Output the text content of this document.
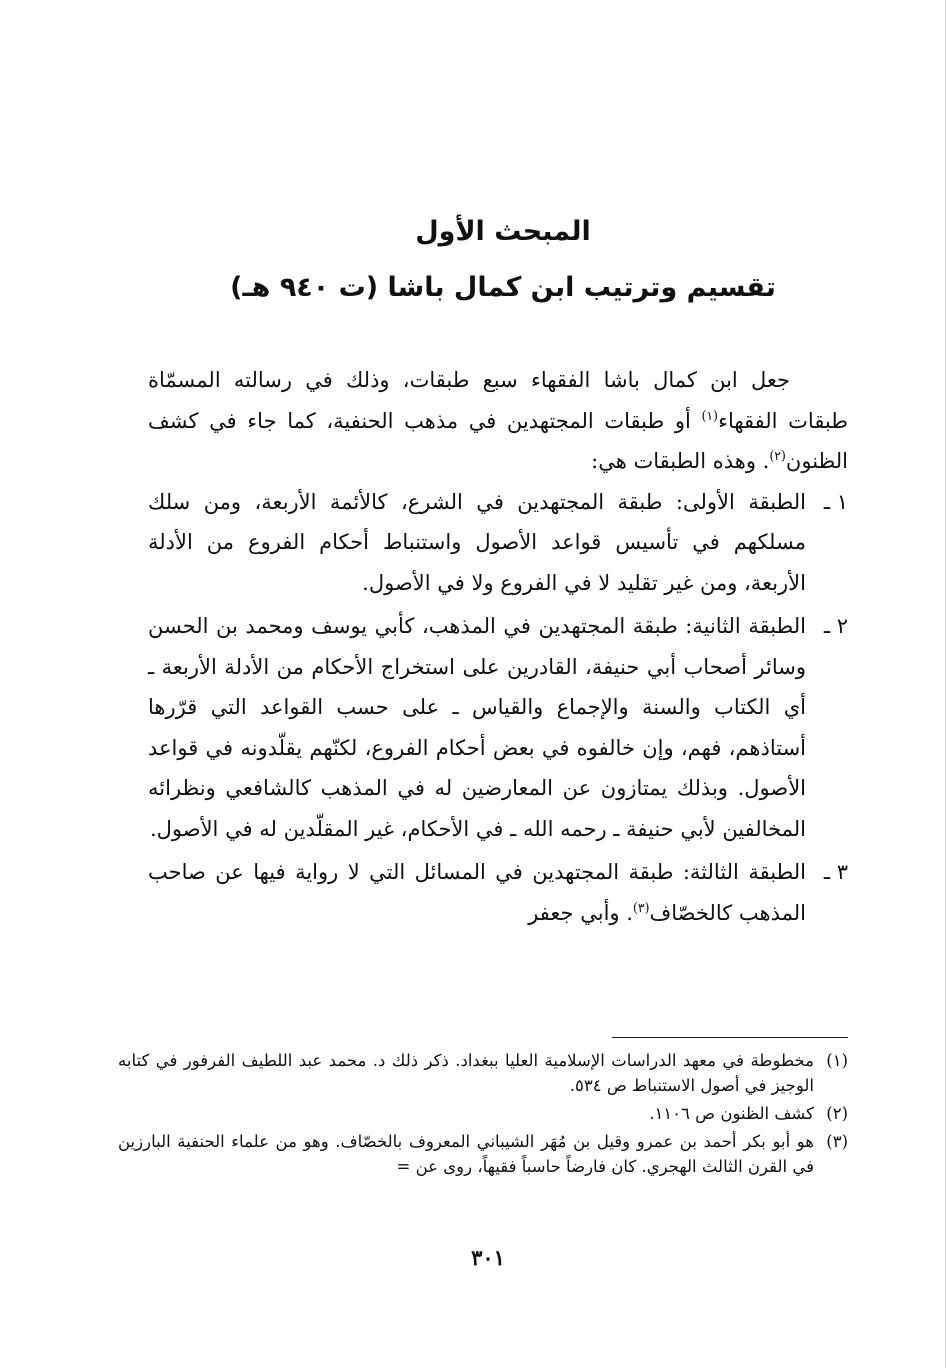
المبحث الأول
تقسيم وترتيب ابن كمال باشا (ت ٩٤٠ هـ)

جعل ابن كمال باشا الفقهاء سبع طبقات، وذلك في رسالته المسمّاة طبقات الفقهاء$^{(١)}$ أو طبقات المجتهدين في مذهب الحنفية، كما جاء في كشف الظنون$^{(٢)}$. وهذه الطبقات هي:

١ ـ
الطبقة الأولى: طبقة المجتهدين في الشرع، كالأئمة الأربعة، ومن سلك مسلكهم في تأسيس قواعد الأصول واستنباط أحكام الفروع من الأدلة الأربعة، ومن غير تقليد لا في الفروع ولا في الأصول.

٢ ـ
الطبقة الثانية: طبقة المجتهدين في المذهب، كأبي يوسف ومحمد بن الحسن وسائر أصحاب أبي حنيفة، القادرين على استخراج الأحكام من الأدلة الأربعة ـ أي الكتاب والسنة والإجماع والقياس ـ على حسب القواعد التي قرّرها أستاذهم، فهم، وإن خالفوه في بعض أحكام الفروع، لكنّهم يقلّدونه في قواعد الأصول. وبذلك يمتازون عن المعارضين له في المذهب كالشافعي ونظرائه المخالفين لأبي حنيفة ـ رحمه الله ـ في الأحكام، غير المقلّدين له في الأصول.

٣ ـ
الطبقة الثالثة: طبقة المجتهدين في المسائل التي لا رواية فيها عن صاحب المذهب كالخصّاف$^{(٣)}$. وأبي جعفر

(١)
مخطوطة في معهد الدراسات الإسلامية العليا ببغداد. ذكر ذلك د. محمد عبد اللطيف الفرفور في كتابه الوجيز في أصول الاستنباط ص ٥٣٤.

(٢)
كشف الظنون ص ١١٠٦.

(٣)
هو أبو بكر أحمد بن عمرو وقيل بن مُهَر الشيباني المعروف بالخصّاف. وهو من علماء الحنفية البارزين في القرن الثالث الهجري. كان فارضاً حاسباً فقيهاً، روى عن =

٣٠١
